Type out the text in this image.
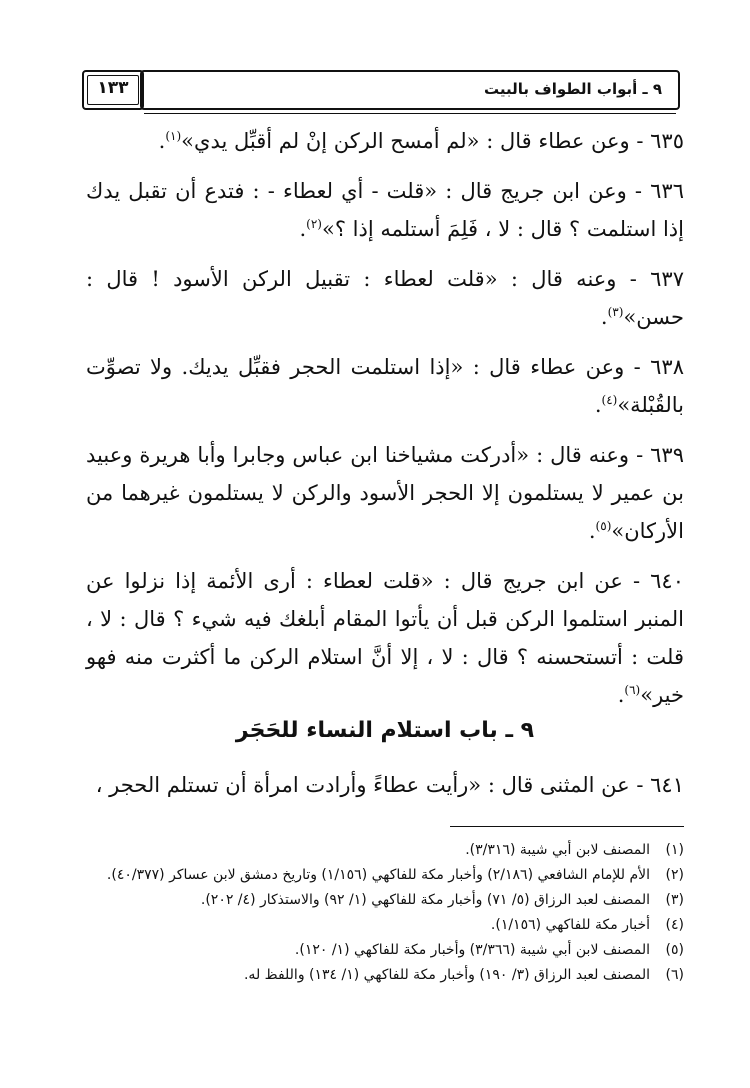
٩ ـ أبواب الطواف بالبيت
١٣٣

٦٣٥ - وعن عطاء قال : «لم أمسح الركن إنْ لم أقبِّل يدي»$^{(١)}$.

٦٣٦ - وعن ابن جريج قال : «قلت - أي لعطاء - : فتدع أن تقبل يدك إذا استلمت ؟ قال : لا ، فَلِمَ أستلمه إذا ؟»$^{(٢)}$.

٦٣٧ - وعنه قال : «قلت لعطاء : تقبيل الركن الأسود ! قال : حسن»$^{(٣)}$.

٦٣٨ - وعن عطاء قال : «إذا استلمت الحجر فقبِّل يديك. ولا تصوِّت بالقُبْلة»$^{(٤)}$.

٦٣٩ - وعنه قال : «أدركت مشياخنا ابن عباس وجابرا وأبا هريرة وعبيد بن عمير لا يستلمون إلا الحجر الأسود والركن لا يستلمون غيرهما من الأركان»$^{(٥)}$.

٦٤٠ - عن ابن جريج قال : «قلت لعطاء : أرى الأئمة إذا نزلوا عن المنبر استلموا الركن قبل أن يأتوا المقام أبلغك فيه شيء ؟ قال : لا ، قلت : أتستحسنه ؟ قال : لا ، إلا أنَّ استلام الركن ما أكثرت منه فهو خير»$^{(٦)}$.

٩ ـ باب استلام النساء للحَجَر
٦٤١ - عن المثنى قال : «رأيت عطاءً وأرادت امرأة أن تستلم الحجر ،

(١)المصنف لابن أبي شيبة (٣/٣١٦).

(٢)الأم للإمام الشافعي (٢/١٨٦) وأخبار مكة للفاكهي (١/١٥٦) وتاريخ دمشق لابن عساكر (٤٠/٣٧٧).

(٣)المصنف لعبد الرزاق (٥/ ٧١) وأخبار مكة للفاكهي (١/ ٩٢) والاستذكار (٤/ ٢٠٢).

(٤)أخبار مكة للفاكهي (١/١٥٦).

(٥)المصنف لابن أبي شيبة (٣/٣٦٦) وأخبار مكة للفاكهي (١/ ١٢٠).

(٦)المصنف لعبد الرزاق (٣/ ١٩٠) وأخبار مكة للفاكهي (١/ ١٣٤) واللفظ له.
